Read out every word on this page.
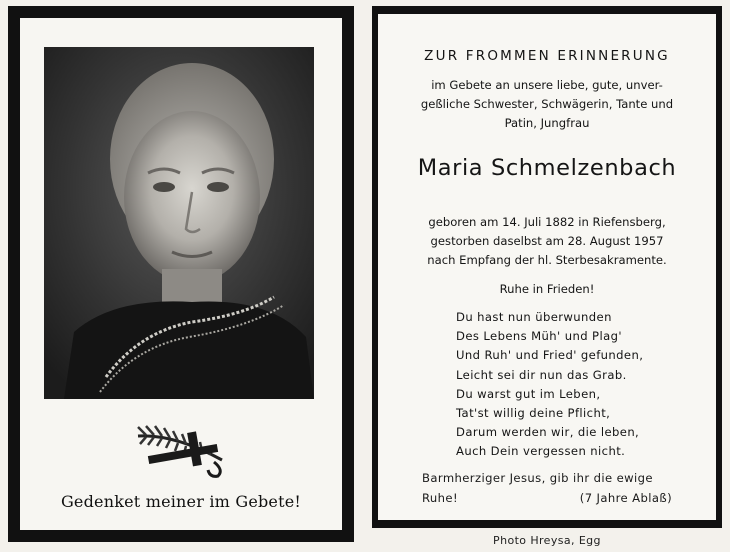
Gedenket meiner im Gebete!
ZUR FROMMEN ERINNERUNG
im Gebete an unsere liebe, gute, unver-
geßliche Schwester, Schwägerin, Tante und
Patin, Jungfrau
Maria Schmelzenbach
geboren am 14. Juli 1882 in Riefensberg,
gestorben daselbst am 28. August 1957
nach Empfang der hl. Sterbesakramente.
Ruhe in Frieden!
Du hast nun überwunden
Des Lebens Müh' und Plag'
Und Ruh' und Fried' gefunden,
Leicht sei dir nun das Grab.
Du warst gut im Leben,
Tat'st willig deine Pflicht,
Darum werden wir, die leben,
Auch Dein vergessen nicht.
Barmherziger Jesus, gib ihr die ewige
Ruhe!	(7 Jahre Ablaß)
Photo Hreysa, Egg
